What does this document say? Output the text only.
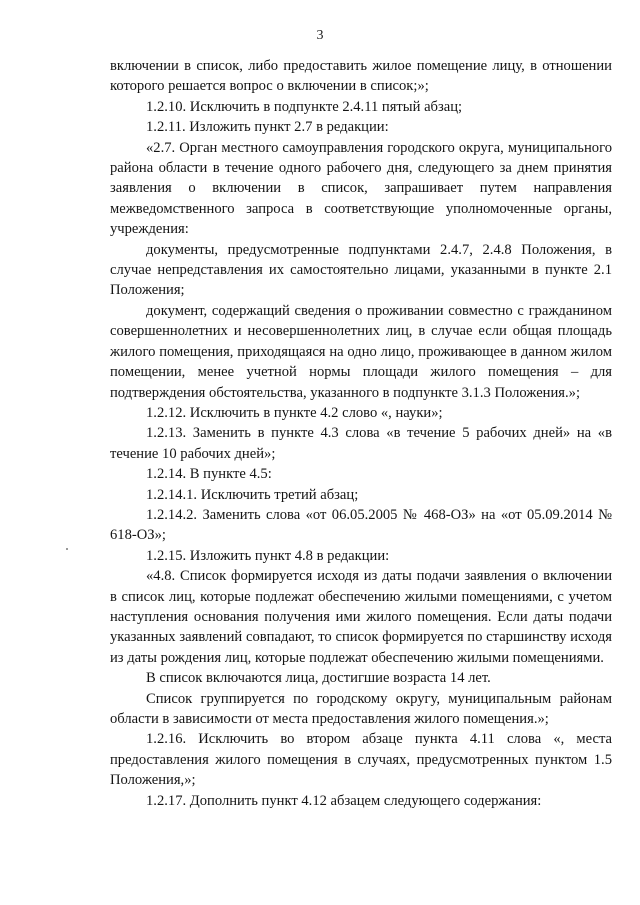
3

включении в список, либо предоставить жилое помещение лицу, в отношении которого решается вопрос о включении в список;»;

1.2.10. Исключить в подпункте 2.4.11 пятый абзац;

1.2.11. Изложить пункт 2.7 в редакции:

«2.7. Орган местного самоуправления городского округа, муниципального района области в течение одного рабочего дня, следующего за днем принятия заявления о включении в список, запрашивает путем направления межведомственного запроса в соответствующие уполномоченные органы, учреждения:

документы, предусмотренные подпунктами 2.4.7, 2.4.8 Положения, в случае непредставления их самостоятельно лицами, указанными в пункте 2.1 Положения;

документ, содержащий сведения о проживании совместно с гражданином совершеннолетних и несовершеннолетних лиц, в случае если общая площадь жилого помещения, приходящаяся на одно лицо, проживающее в данном жилом помещении, менее учетной нормы площади жилого помещения – для подтверждения обстоятельства, указанного в подпункте 3.1.3 Положения.»;

1.2.12. Исключить в пункте 4.2 слово «, науки»;

1.2.13. Заменить в пункте 4.3 слова «в течение 5 рабочих дней» на «в течение 10 рабочих дней»;

1.2.14. В пункте 4.5:

1.2.14.1. Исключить третий абзац;

1.2.14.2. Заменить слова «от 06.05.2005 № 468-ОЗ» на «от 05.09.2014 № 618-ОЗ»;

1.2.15. Изложить пункт 4.8 в редакции:

«4.8. Список формируется исходя из даты подачи заявления о включении в список лиц, которые подлежат обеспечению жилыми помещениями, с учетом наступления основания получения ими жилого помещения. Если даты подачи указанных заявлений совпадают, то список формируется по старшинству исходя из даты рождения лиц, которые подлежат обеспечению жилыми помещениями.

В список включаются лица, достигшие возраста 14 лет.

Список группируется по городскому округу, муниципальным районам области в зависимости от места предоставления жилого помещения.»;

1.2.16. Исключить во втором абзаце пункта 4.11 слова «, места предоставления жилого помещения в случаях, предусмотренных пунктом 1.5 Положения,»;

1.2.17. Дополнить пункт 4.12 абзацем следующего содержания:
